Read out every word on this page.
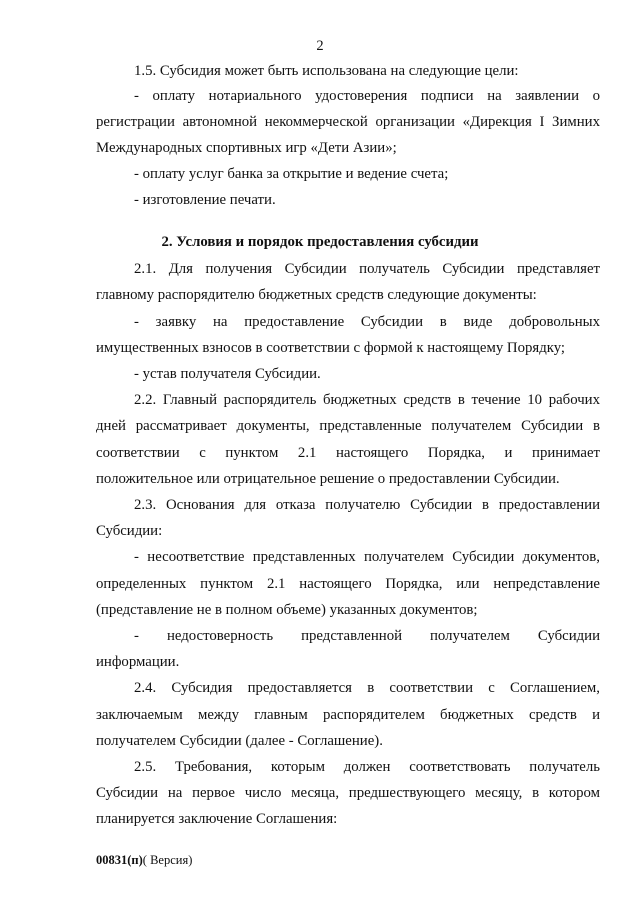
2
1.5. Субсидия может быть использована на следующие цели:
- оплату нотариального удостоверения подписи на заявлении о
регистрации автономной некоммерческой организации «Дирекция I Зимних
Международных спортивных игр «Дети Азии»;
- оплату услуг банка за открытие и ведение счета;
- изготовление печати.
2. Условия и порядок предоставления субсидии
2.1. Для получения Субсидии получатель Субсидии представляет
главному распорядителю бюджетных средств следующие документы:
- заявку на предоставление Субсидии в виде добровольных
имущественных взносов в соответствии с формой к настоящему Порядку;
- устав получателя Субсидии.
2.2. Главный распорядитель бюджетных средств в течение 10 рабочих
дней рассматривает документы, представленные получателем Субсидии в
соответствии с пунктом 2.1 настоящего Порядка, и принимает
положительное или отрицательное решение о предоставлении Субсидии.
2.3. Основания для отказа получателю Субсидии в предоставлении
Субсидии:
- несоответствие представленных получателем Субсидии документов,
определенных пунктом 2.1 настоящего Порядка, или непредставление
(представление не в полном объеме) указанных документов;
- недостоверность представленной получателем Субсидии
информации.
2.4. Субсидия предоставляется в соответствии с Соглашением,
заключаемым между главным распорядителем бюджетных средств и
получателем Субсидии (далее - Соглашение).
2.5. Требования, которым должен соответствовать получатель
Субсидии на первое число месяца, предшествующего месяцу, в котором
планируется заключение Соглашения:
00831(п)( Версия)
